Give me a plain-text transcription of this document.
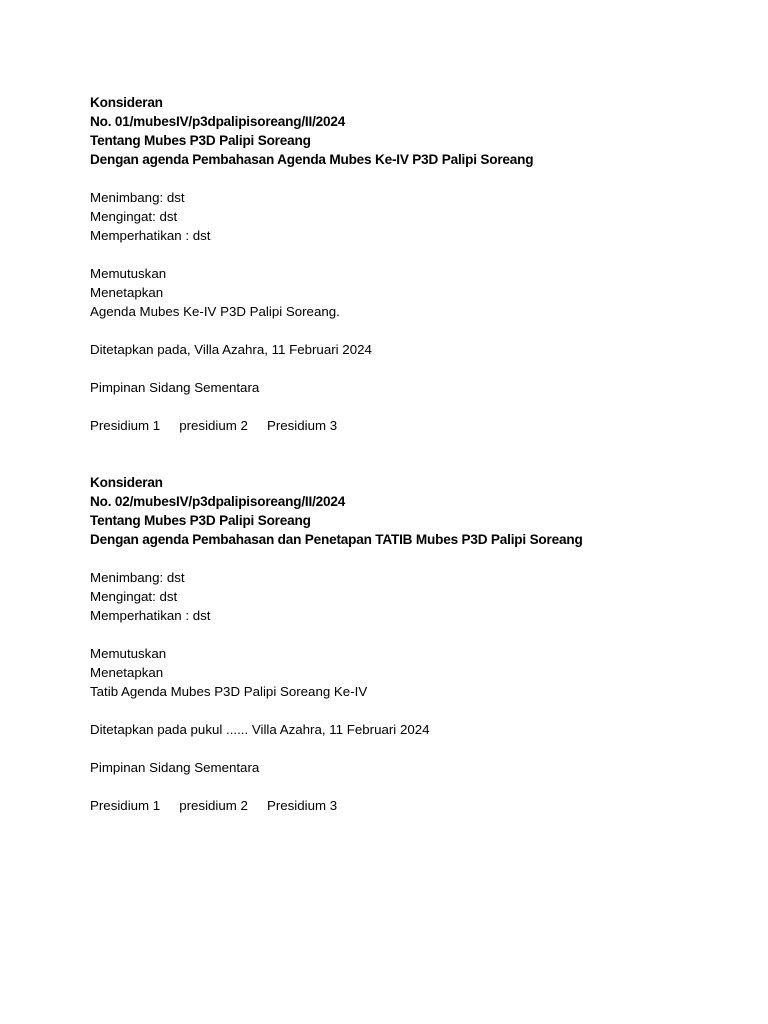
Konsideran
No. 01/mubesIV/p3dpalipisoreang/II/2024
Tentang Mubes P3D Palipi Soreang
Dengan agenda Pembahasan Agenda Mubes Ke-IV P3D Palipi Soreang
Menimbang: dst
Mengingat: dst
Memperhatikan : dst
Memutuskan
Menetapkan
Agenda Mubes Ke-IV P3D Palipi Soreang.
Ditetapkan pada, Villa Azahra, 11 Februari 2024
Pimpinan Sidang Sementara
Presidium 1 presidium 2 Presidium 3
Konsideran
No. 02/mubesIV/p3dpalipisoreang/II/2024
Tentang Mubes P3D Palipi Soreang
Dengan agenda Pembahasan dan Penetapan TATIB Mubes P3D Palipi Soreang
Menimbang: dst
Mengingat: dst
Memperhatikan : dst
Memutuskan
Menetapkan
Tatib Agenda Mubes P3D Palipi Soreang Ke-IV
Ditetapkan pada pukul ...... Villa Azahra, 11 Februari 2024
Pimpinan Sidang Sementara
Presidium 1 presidium 2 Presidium 3
